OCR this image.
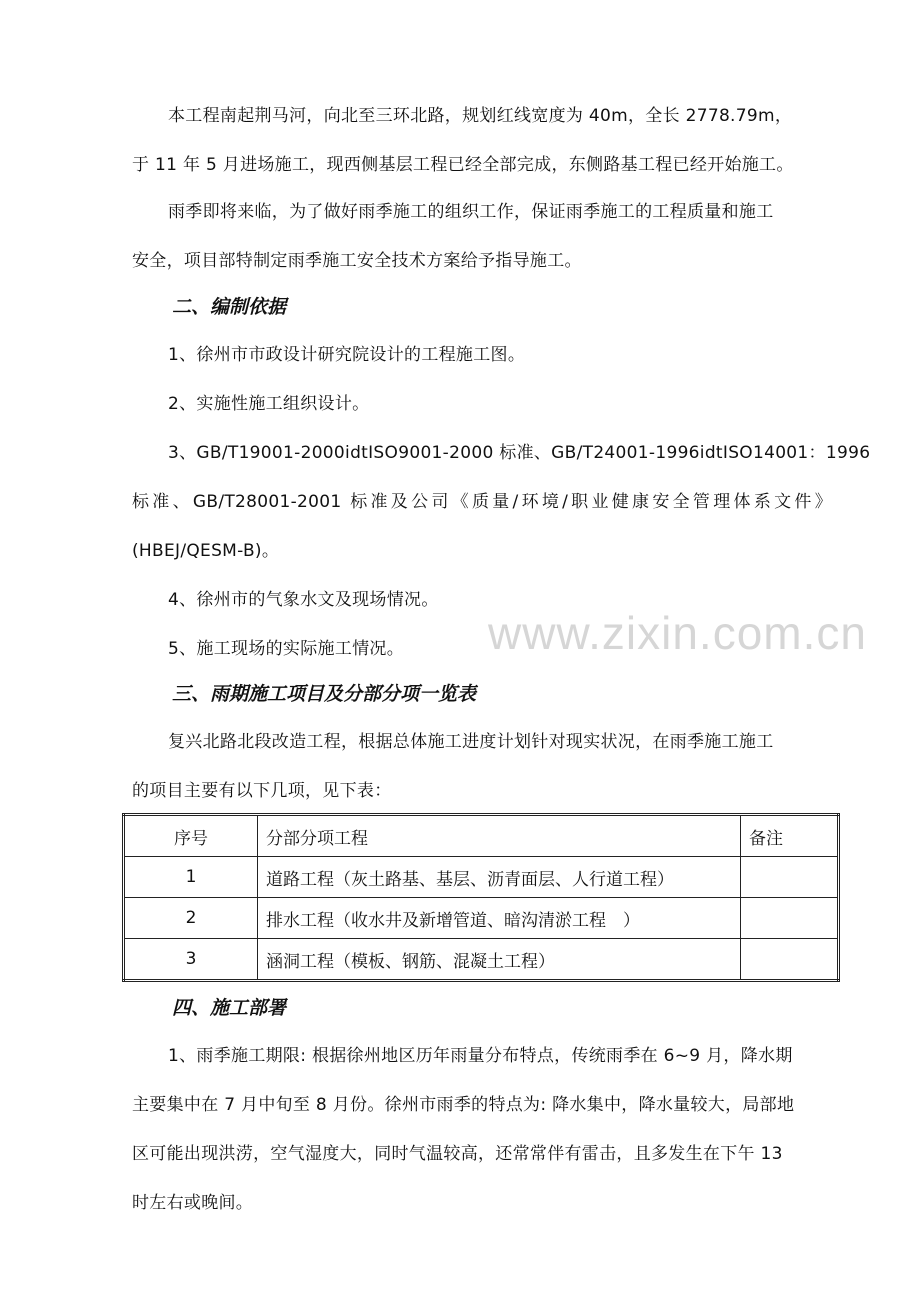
本工程南起荆马河，向北至三环北路，规划红线宽度为 40m，全长 2778.79m，

于 11 年 5 月进场施工，现西侧基层工程已经全部完成，东侧路基工程已经开始施工。

雨季即将来临，为了做好雨季施工的组织工作，保证雨季施工的工程质量和施工

安全，项目部特制定雨季施工安全技术方案给予指导施工。

二、编制依据

1、徐州市市政设计研究院设计的工程施工图。

2、实施性施工组织设计。

3、GB/T19001-2000idtISO9001-2000 标准、GB/T24001-1996idtISO14001：1996

标准、GB/T28001-2001 标准及公司《质量/环境/职业健康安全管理体系文件》

(HBEJ/QESM-B)。

4、徐州市的气象水文及现场情况。

5、施工现场的实际施工情况。	www.zixin.com.cn
三、雨期施工项目及分部分项一览表

复兴北路北段改造工程，根据总体施工进度计划针对现实状况，在雨季施工施工

的项目主要有以下几项，见下表：

序号	分部分项工程	备注
1	道路工程（灰土路基、基层、沥青面层、人行道工程）	
2	排水工程（收水井及新增管道、暗沟清淤工程　）	
3	涵洞工程（模板、钢筋、混凝土工程）	
四、施工部署

1、雨季施工期限: 根据徐州地区历年雨量分布特点，传统雨季在 6~9 月，降水期

主要集中在 7 月中旬至 8 月份。徐州市雨季的特点为: 降水集中，降水量较大，局部地

区可能出现洪涝，空气湿度大，同时气温较高，还常常伴有雷击，且多发生在下午 13

时左右或晚间。
